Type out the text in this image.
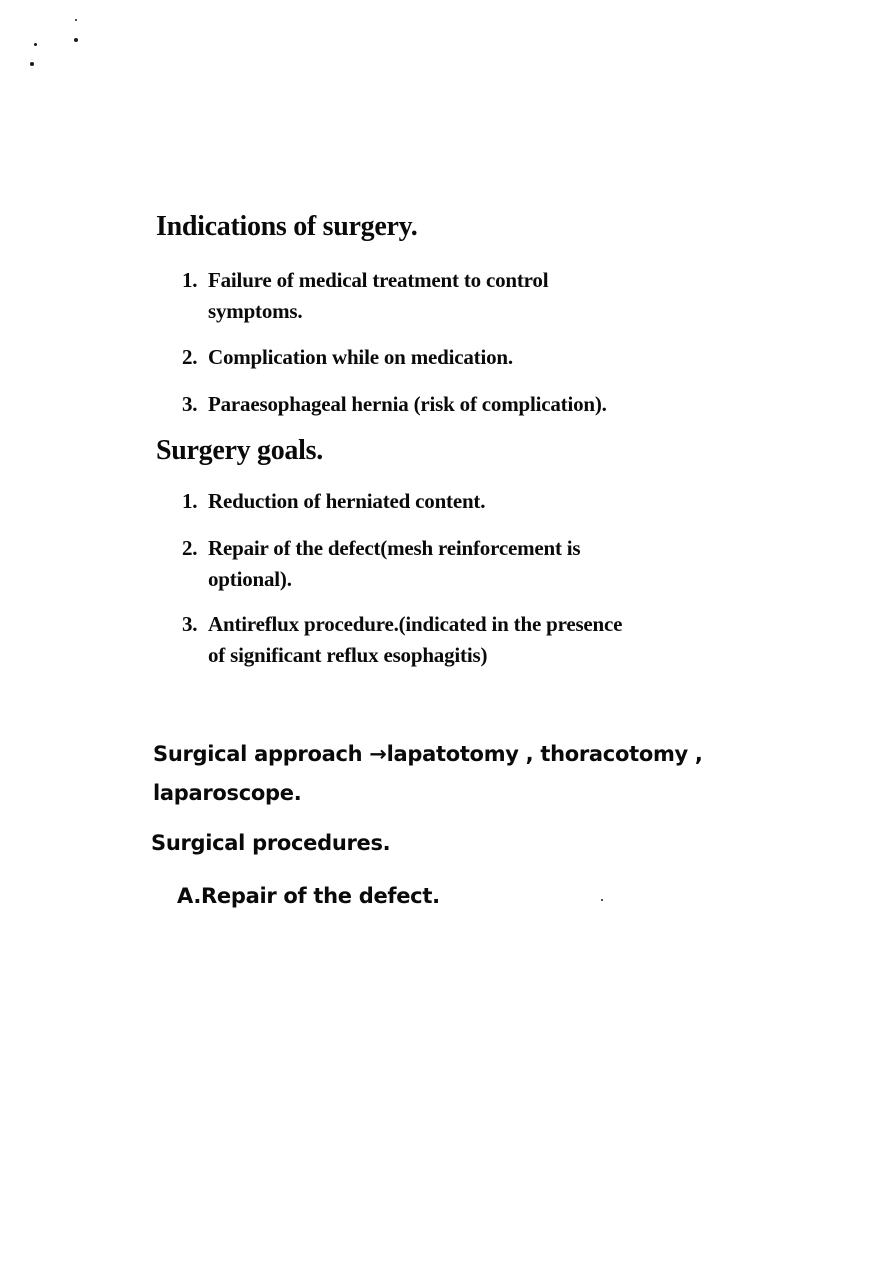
Indications of surgery.
1. Failure of medical treatment to control symptoms.
2. Complication while on medication.
3. Paraesophageal hernia (risk of complication).
Surgery goals.
1. Reduction of herniated content.
2. Repair of the defect(mesh reinforcement is optional).
3. Antireflux procedure.(indicated in the presence of significant reflux esophagitis)
Surgical approach →lapatotomy , thoracotomy ,
laparoscope.
Surgical procedures.
A.Repair of the defect.
